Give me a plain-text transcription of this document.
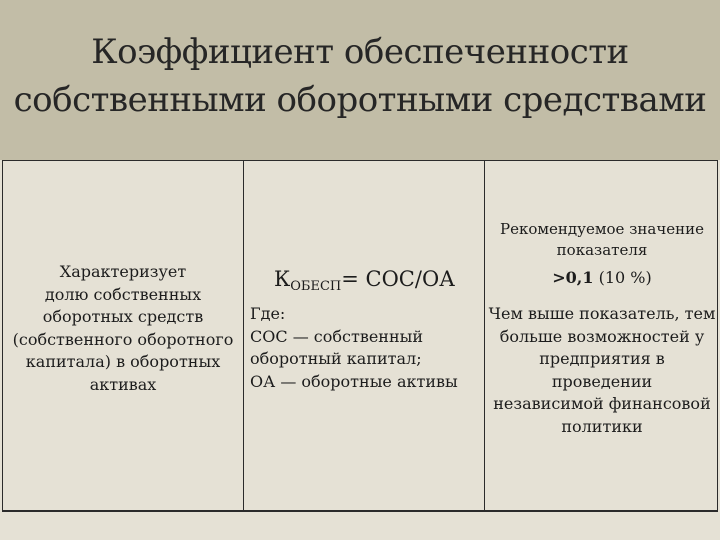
Коэффициент обеспеченности
собственными оборотными средствами
Характеризует
долю собственных
оборотных средств
(собственного оборотного
капитала) в оборотных
активах
КОБЕСП= СОС/ОА
Где:
СОС — собственный
оборотный капитал;
ОА — оборотные активы
Рекомендуемое значение
показателя
>0,1 (10 %)
Чем выше показатель, тем
больше возможностей у
предприятия в
проведении
независимой финансовой
политики
